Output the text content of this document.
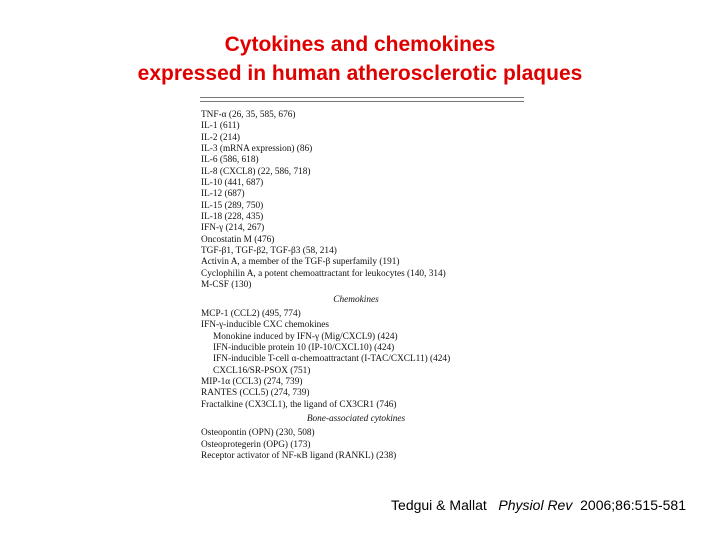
Cytokines and chemokines
expressed in human atherosclerotic plaques
TNF-α (26, 35, 585, 676)
IL-1 (611)
IL-2 (214)
IL-3 (mRNA expression) (86)
IL-6 (586, 618)
IL-8 (CXCL8) (22, 586, 718)
IL-10 (441, 687)
IL-12 (687)
IL-15 (289, 750)
IL-18 (228, 435)
IFN-γ (214, 267)
Oncostatin M (476)
TGF-β1, TGF-β2, TGF-β3 (58, 214)
Activin A, a member of the TGF-β superfamily (191)
Cyclophilin A, a potent chemoattractant for leukocytes (140, 314)
M-CSF (130)
Chemokines
MCP-1 (CCL2) (495, 774)
IFN-γ-inducible CXC chemokines
Monokine induced by IFN-γ (Mig/CXCL9) (424)
IFN-inducible protein 10 (IP-10/CXCL10) (424)
IFN-inducible T-cell α-chemoattractant (I-TAC/CXCL11) (424)
CXCL16/SR-PSOX (751)
MIP-1α (CCL3) (274, 739)
RANTES (CCL5) (274, 739)
Fractalkine (CX3CL1), the ligand of CX3CR1 (746)
Bone-associated cytokines
Osteopontin (OPN) (230, 508)
Osteoprotegerin (OPG) (173)
Receptor activator of NF-κB ligand (RANKL) (238)
Tedgui & Mallat Physiol Rev 2006;86:515-581
